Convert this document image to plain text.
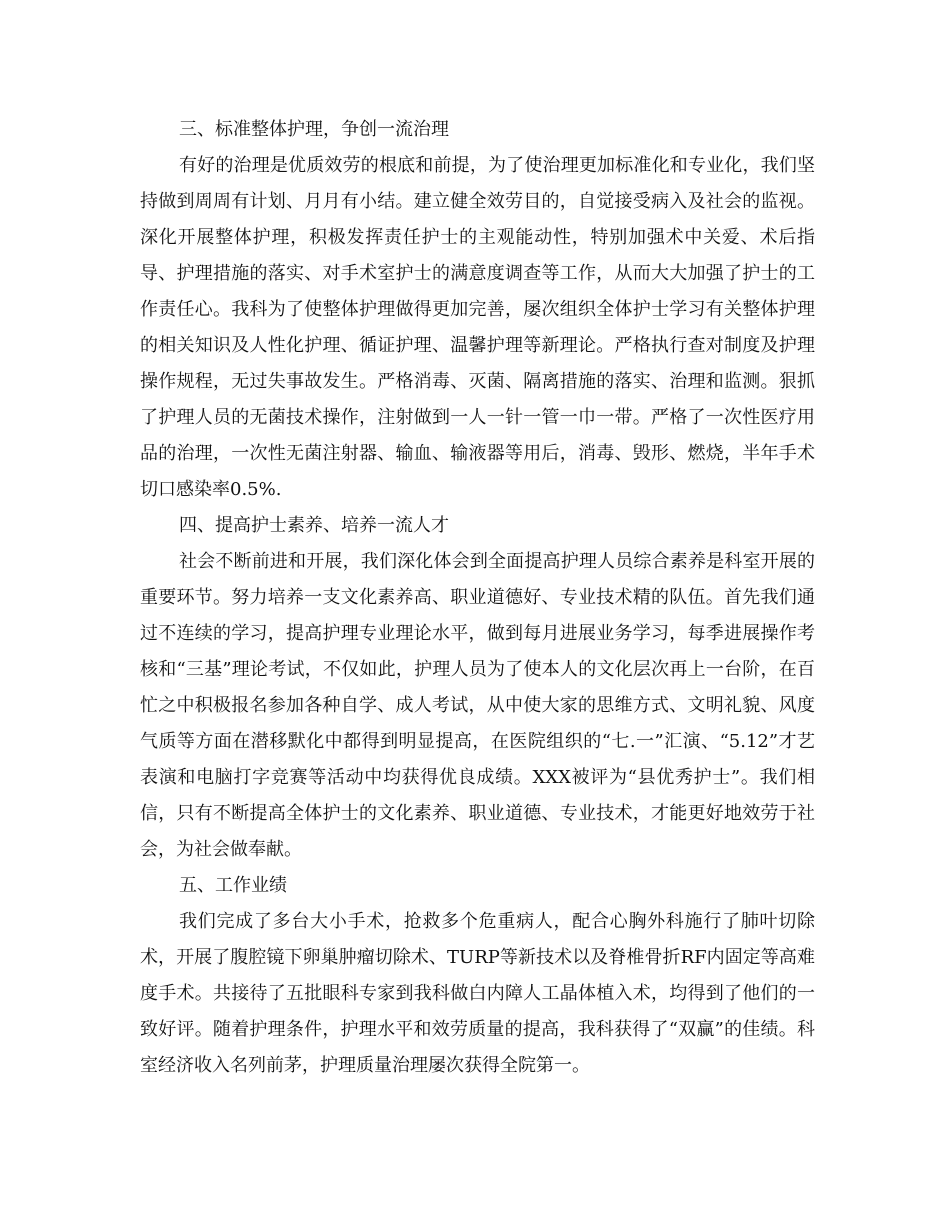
三、标准整体护理，争创一流治理

有好的治理是优质效劳的根底和前提，为了使治理更加标准化和专业化，我们坚持做到周周有计划、月月有小结。建立健全效劳目的，自觉接受病入及社会的监视。深化开展整体护理，积极发挥责任护士的主观能动性，特别加强术中关爱、术后指导、护理措施的落实、对手术室护士的满意度调查等工作，从而大大加强了护士的工作责任心。我科为了使整体护理做得更加完善，屡次组织全体护士学习有关整体护理的相关知识及人性化护理、循证护理、温馨护理等新理论。严格执行查对制度及护理操作规程，无过失事故发生。严格消毒、灭菌、隔离措施的落实、治理和监测。狠抓了护理人员的无菌技术操作，注射做到一人一针一管一巾一带。严格了一次性医疗用品的治理，一次性无菌注射器、输血、输液器等用后，消毒、毁形、燃烧，半年手术切口感染率0.5%.

四、提高护士素养、培养一流人才

社会不断前进和开展，我们深化体会到全面提高护理人员综合素养是科室开展的重要环节。努力培养一支文化素养高、职业道德好、专业技术精的队伍。首先我们通过不连续的学习，提高护理专业理论水平，做到每月进展业务学习，每季进展操作考核和“三基”理论考试，不仅如此，护理人员为了使本人的文化层次再上一台阶，在百忙之中积极报名参加各种自学、成人考试，从中使大家的思维方式、文明礼貌、风度气质等方面在潜移默化中都得到明显提高，在医院组织的“七.一”汇演、“5.12”才艺表演和电脑打字竞赛等活动中均获得优良成绩。XXX被评为“县优秀护士”。我们相信，只有不断提高全体护士的文化素养、职业道德、专业技术，才能更好地效劳于社会，为社会做奉献。

五、工作业绩

我们完成了多台大小手术，抢救多个危重病人，配合心胸外科施行了肺叶切除术，开展了腹腔镜下卵巢肿瘤切除术、TURP等新技术以及脊椎骨折RF内固定等高难度手术。共接待了五批眼科专家到我科做白内障人工晶体植入术，均得到了他们的一致好评。随着护理条件，护理水平和效劳质量的提高，我科获得了“双赢”的佳绩。科室经济收入名列前茅，护理质量治理屡次获得全院第一。
